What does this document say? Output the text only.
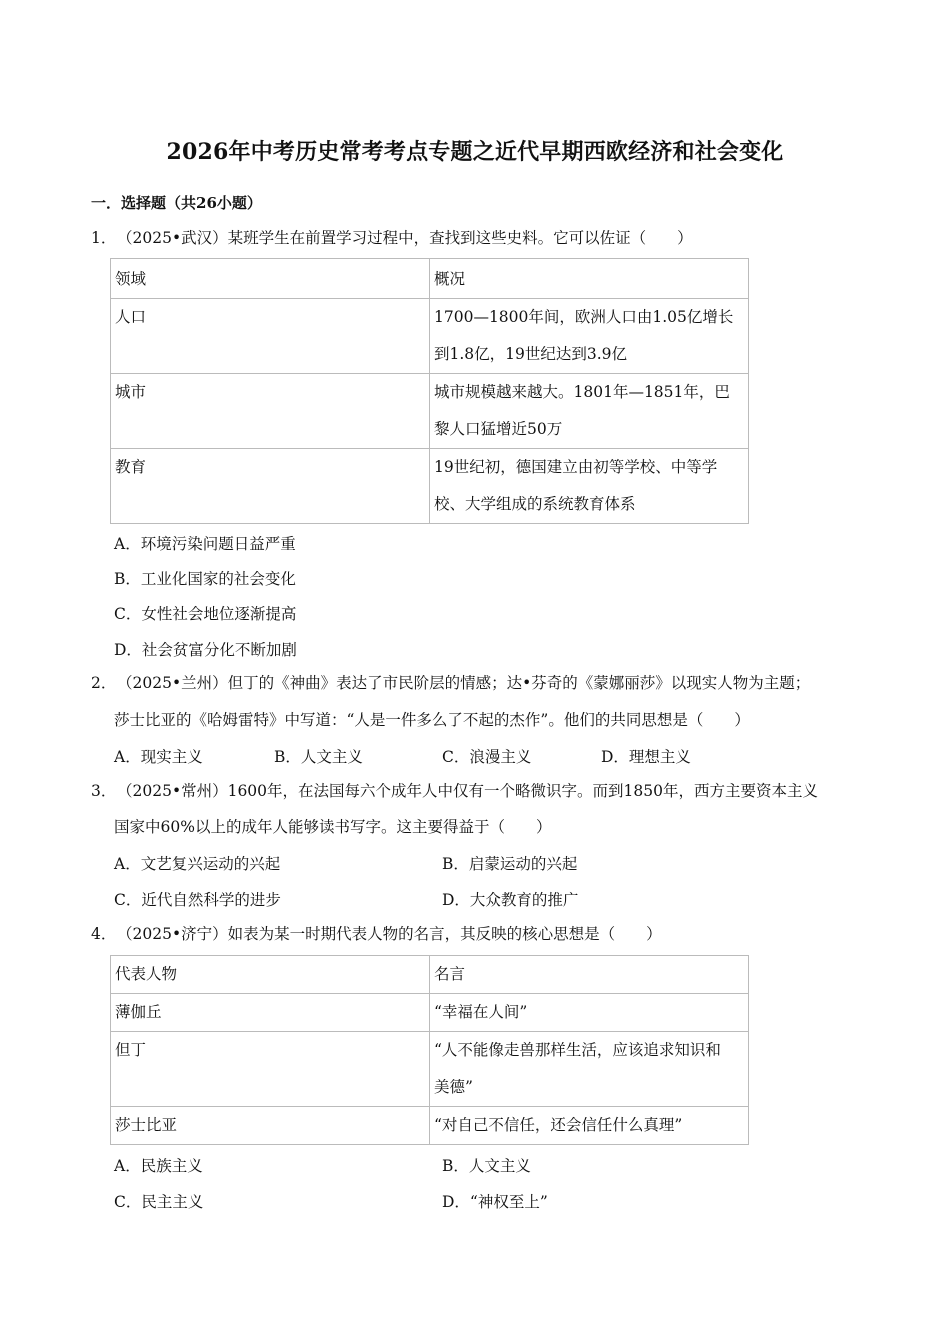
2026年中考历史常考考点专题之近代早期西欧经济和社会变化
一．选择题（共26小题）
1．（2025•武汉）某班学生在前置学习过程中，查找到这些史料。它可以佐证（　　）
领域	概况
人口	1700—1800年间，欧洲人口由1.05亿增长
到1.8亿，19世纪达到3.9亿
城市	城市规模越来越大。1801年—1851年，巴
黎人口猛增近50万
教育	19世纪初，德国建立由初等学校、中等学
校、大学组成的系统教育体系
A．环境污染问题日益严重
B．工业化国家的社会变化
C．女性社会地位逐渐提高
D．社会贫富分化不断加剧
2．（2025•兰州）但丁的《神曲》表达了市民阶层的情感；达•芬奇的《蒙娜丽莎》以现实人物为主题；
莎士比亚的《哈姆雷特》中写道：“人是一件多么了不起的杰作”。他们的共同思想是（　　）
A．现实主义	B．人文主义	C．浪漫主义	D．理想主义
3．（2025•常州）1600年，在法国每六个成年人中仅有一个略微识字。而到1850年，西方主要资本主义
国家中60%以上的成年人能够读书写字。这主要得益于（　　）
A．文艺复兴运动的兴起	B．启蒙运动的兴起
C．近代自然科学的进步	D．大众教育的推广
4．（2025•济宁）如表为某一时期代表人物的名言，其反映的核心思想是（　　）
代表人物	名言
薄伽丘	“幸福在人间”
但丁	“人不能像走兽那样生活，应该追求知识和
美德”
莎士比亚	“对自己不信任，还会信任什么真理”
A．民族主义	B．人文主义
C．民主主义	D．“神权至上”
